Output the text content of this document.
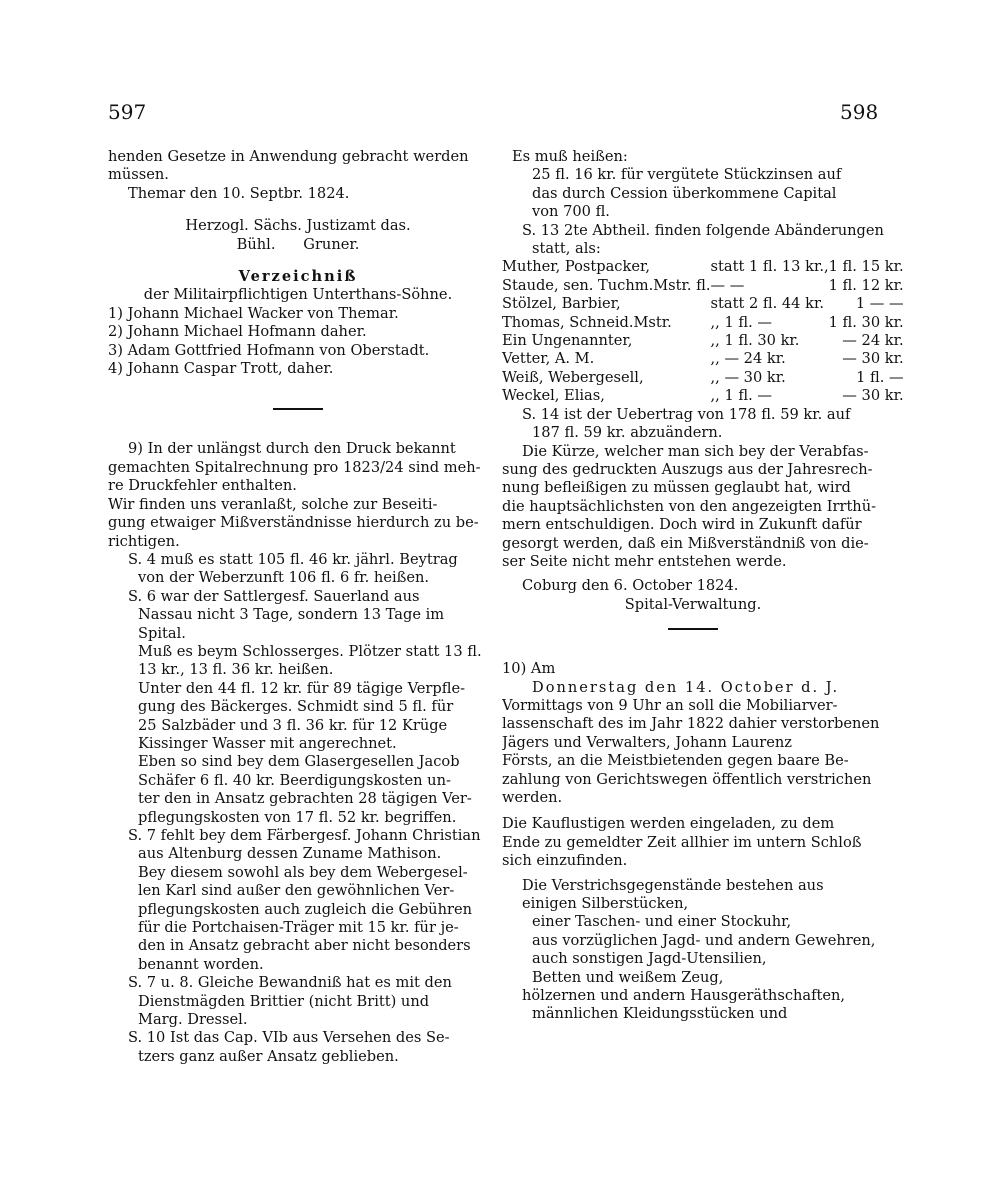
597	598
henden Gesetze in Anwendung gebracht werden
müssen.
Themar den 10. Septbr. 1824.
Herzogl. Sächs. Justizamt das.
Bühl.      Gruner.
Verzeichniß
der Militairpflichtigen Unterthans-Söhne.
1) Johann Michael Wacker von Themar.
2) Johann Michael Hofmann daher.
3) Adam Gottfried Hofmann von Oberstadt.
4) Johann Caspar Trott, daher.
9) In der unlängst durch den Druck bekannt
gemachten Spitalrechnung pro 1823/24 sind meh-
re Druckfehler enthalten.
Wir finden uns veranlaßt, solche zur Beseiti-
gung etwaiger Mißverständnisse hierdurch zu be-
richtigen.
S. 4 muß es statt 105 fl. 46 kr. jährl. Beytrag
von der Weberzunft 106 fl. 6 fr. heißen.
S. 6 war der Sattlergesf. Sauerland aus
Nassau nicht 3 Tage, sondern 13 Tage im
Spital.
Muß es beym Schlosserges. Plötzer statt 13 fl.
13 kr., 13 fl. 36 kr. heißen.
Unter den 44 fl. 12 kr. für 89 tägige Verpfle-
gung des Bäckerges. Schmidt sind 5 fl. für
25 Salzbäder und 3 fl. 36 kr. für 12 Krüge
Kissinger Wasser mit angerechnet.
Eben so sind bey dem Glasergesellen Jacob
Schäfer 6 fl. 40 kr. Beerdigungskosten un-
ter den in Ansatz gebrachten 28 tägigen Ver-
pflegungskosten von 17 fl. 52 kr. begriffen.
S. 7 fehlt bey dem Färbergesf. Johann Christian
aus Altenburg dessen Zuname Mathison.
Bey diesem sowohl als bey dem Webergesel-
len Karl sind außer den gewöhnlichen Ver-
pflegungskosten auch zugleich die Gebühren
für die Portchaisen-Träger mit 15 kr. für je-
den in Ansatz gebracht aber nicht besonders
benannt worden.
S. 7 u. 8. Gleiche Bewandniß hat es mit den
Dienstmägden Brittier (nicht Britt) und
Marg. Dressel.
S. 10 Ist das Cap. VIb aus Versehen des Se-
tzers ganz außer Ansatz geblieben.
Es muß heißen:
25 fl. 16 kr. für vergütete Stückzinsen auf
das durch Cession überkommene Capital
von 700 fl.
S. 13 2te Abtheil. finden folgende Abänderungen
statt, als:
Muther, Postpacker,	statt 1 fl. 13 kr.,	1 fl. 15 kr.
Staude, sen. Tuchm.Mstr. fl.	— —	1 fl. 12 kr.
Stölzel, Barbier,	statt 2 fl. 44 kr.	1 — —
Thomas, Schneid.Mstr.	,, 1 fl. —	1 fl. 30 kr.
Ein Ungenannter,	,, 1 fl. 30 kr.	— 24 kr.
Vetter, A. M.	,, — 24 kr.	— 30 kr.
Weiß, Webergesell,	,, — 30 kr.	1 fl. —
Weckel, Elias,	,, 1 fl. —	— 30 kr.
S. 14 ist der Uebertrag von 178 fl. 59 kr. auf
187 fl. 59 kr. abzuändern.
Die Kürze, welcher man sich bey der Verabfas-
sung des gedruckten Auszugs aus der Jahresrech-
nung befleißigen zu müssen geglaubt hat, wird
die hauptsächlichsten von den angezeigten Irrthü-
mern entschuldigen. Doch wird in Zukunft dafür
gesorgt werden, daß ein Mißverständniß von die-
ser Seite nicht mehr entstehen werde.
Coburg den 6. October 1824.
Spital-Verwaltung.
10) Am
Donnerstag den 14. October d. J.
Vormittags von 9 Uhr an soll die Mobiliarver-
lassenschaft des im Jahr 1822 dahier verstorbenen
Jägers und Verwalters, Johann Laurenz
Försts, an die Meistbietenden gegen baare Be-
zahlung von Gerichtswegen öffentlich verstrichen
werden.
Die Kauflustigen werden eingeladen, zu dem
Ende zu gemeldter Zeit allhier im untern Schloß
sich einzufinden.
Die Verstrichsgegenstände bestehen aus
einigen Silberstücken,
einer Taschen- und einer Stockuhr,
aus vorzüglichen Jagd- und andern Gewehren, auch sonstigen Jagd-Utensilien,
Betten und weißem Zeug,
hölzernen und andern Hausgeräthschaften,
männlichen Kleidungsstücken und
